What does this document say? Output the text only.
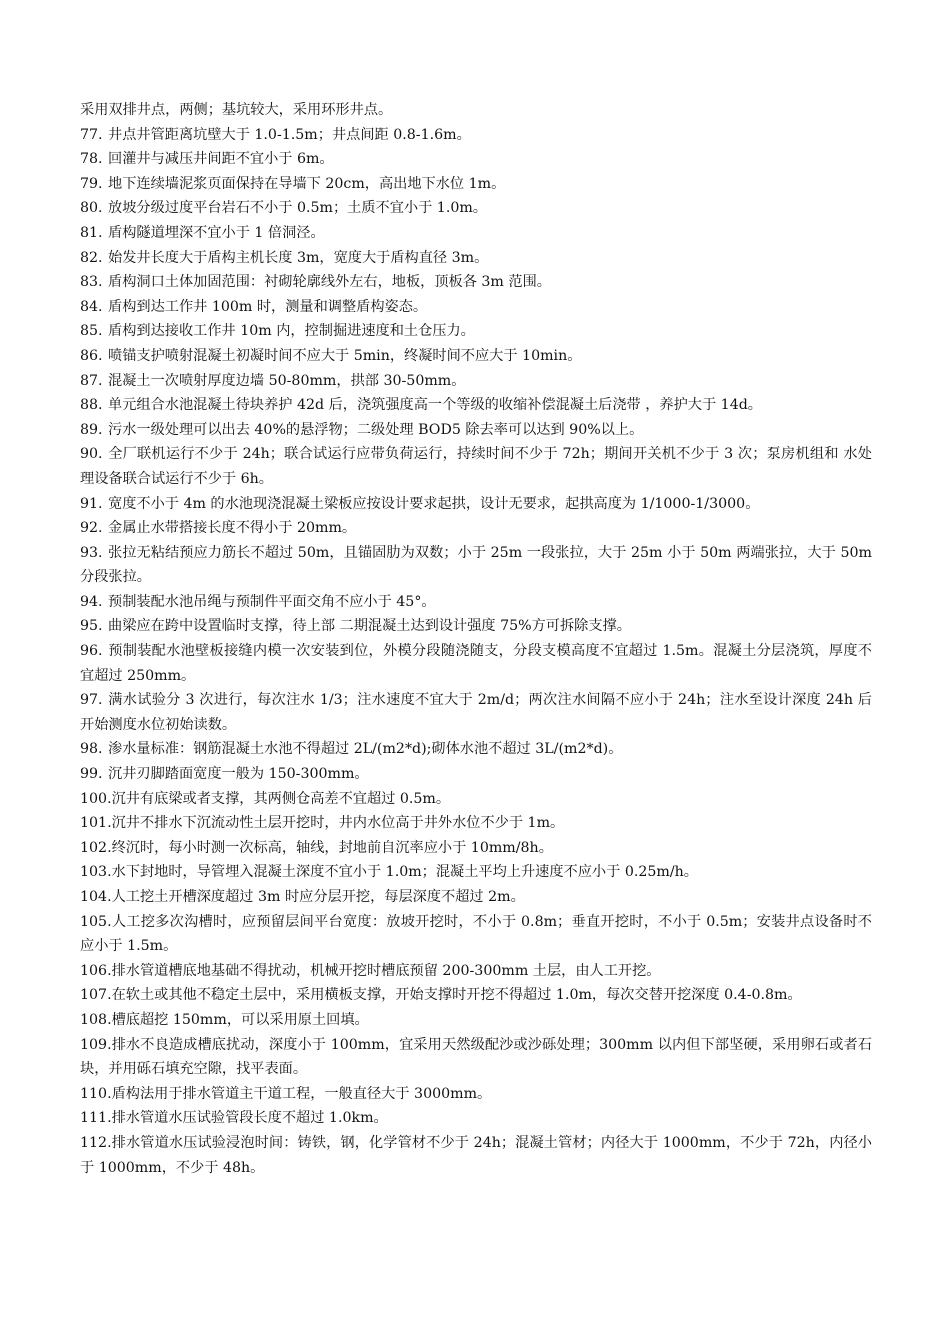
采用双排井点，两侧；基坑较大，采用环形井点。
77. 井点井管距离坑壁大于 1.0-1.5m；井点间距 0.8-1.6m。
78. 回灌井与减压井间距不宜小于 6m。
79. 地下连续墙泥浆页面保持在导墙下 20cm，高出地下水位 1m。
80. 放坡分级过度平台岩石不小于 0.5m；土质不宜小于 1.0m。
81. 盾构隧道埋深不宜小于 1 倍洞泾。
82. 始发井长度大于盾构主机长度 3m，宽度大于盾构直径 3m。
83. 盾构洞口土体加固范围：衬砌轮廓线外左右，地板，顶板各 3m 范围。
84. 盾构到达工作井 100m 时，测量和调整盾构姿态。
85. 盾构到达接收工作井 10m 内，控制掘进速度和土仓压力。
86. 喷锚支护喷射混凝土初凝时间不应大于 5min，终凝时间不应大于 10min。
87. 混凝土一次喷射厚度边墙 50-80mm，拱部 30-50mm。
88. 单元组合水池混凝土待块养护 42d 后，浇筑强度高一个等级的收缩补偿混凝土后浇带 ，养护大于 14d。
89. 污水一级处理可以出去 40%的悬浮物；二级处理 BOD5 除去率可以达到 90%以上。
90. 全厂联机运行不少于 24h；联合试运行应带负荷运行，持续时间不少于 72h；期间开关机不少于 3 次；泵房机组和 水处理设备联合试运行不少于 6h。
91. 宽度不小于 4m 的水池现浇混凝土梁板应按设计要求起拱，设计无要求，起拱高度为 1/1000-1/3000。
92. 金属止水带搭接长度不得小于 20mm。
93. 张拉无粘结预应力筋长不超过 50m，且锚固肋为双数；小于 25m 一段张拉，大于 25m 小于 50m 两端张拉，大于 50m 分段张拉。
94. 预制装配水池吊绳与预制件平面交角不应小于 45°。
95. 曲梁应在跨中设置临时支撑，待上部 二期混凝土达到设计强度 75%方可拆除支撑。
96. 预制装配水池壁板接缝内模一次安装到位，外模分段随浇随支，分段支模高度不宜超过 1.5m。混凝土分层浇筑，厚度不宜超过 250mm。
97. 满水试验分 3 次进行，每次注水 1/3；注水速度不宜大于 2m/d；两次注水间隔不应小于 24h；注水至设计深度 24h 后开始测度水位初始读数。
98. 渗水量标准：钢筋混凝土水池不得超过 2L/(m2*d);砌体水池不超过 3L/(m2*d)。
99. 沉井刃脚踏面宽度一般为 150-300mm。
100.沉井有底梁或者支撑，其两侧仓高差不宜超过 0.5m。
101.沉井不排水下沉流动性土层开挖时，井内水位高于井外水位不少于 1m。
102.终沉时，每小时测一次标高，轴线，封地前自沉率应小于 10mm/8h。
103.水下封地时，导管埋入混凝土深度不宜小于 1.0m；混凝土平均上升速度不应小于 0.25m/h。
104.人工挖土开槽深度超过 3m 时应分层开挖，每层深度不超过 2m。
105.人工挖多次沟槽时，应预留层间平台宽度：放坡开挖时，不小于 0.8m；垂直开挖时，不小于 0.5m；安装井点设备时不应小于 1.5m。
106.排水管道槽底地基础不得扰动，机械开挖时槽底预留 200-300mm 土层，由人工开挖。
107.在软土或其他不稳定土层中，采用横板支撑，开始支撑时开挖不得超过 1.0m，每次交替开挖深度 0.4-0.8m。
108.槽底超挖 150mm，可以采用原土回填。
109.排水不良造成槽底扰动，深度小于 100mm，宜采用天然级配沙或沙砾处理；300mm 以内但下部坚硬，采用卵石或者石块，并用砾石填充空隙，找平表面。
110.盾构法用于排水管道主干道工程，一般直径大于 3000mm。
111.排水管道水压试验管段长度不超过 1.0km。
112.排水管道水压试验浸泡时间：铸铁，钢，化学管材不少于 24h；混凝土管材；内径大于 1000mm，不少于 72h，内径小于 1000mm，不少于 48h。
